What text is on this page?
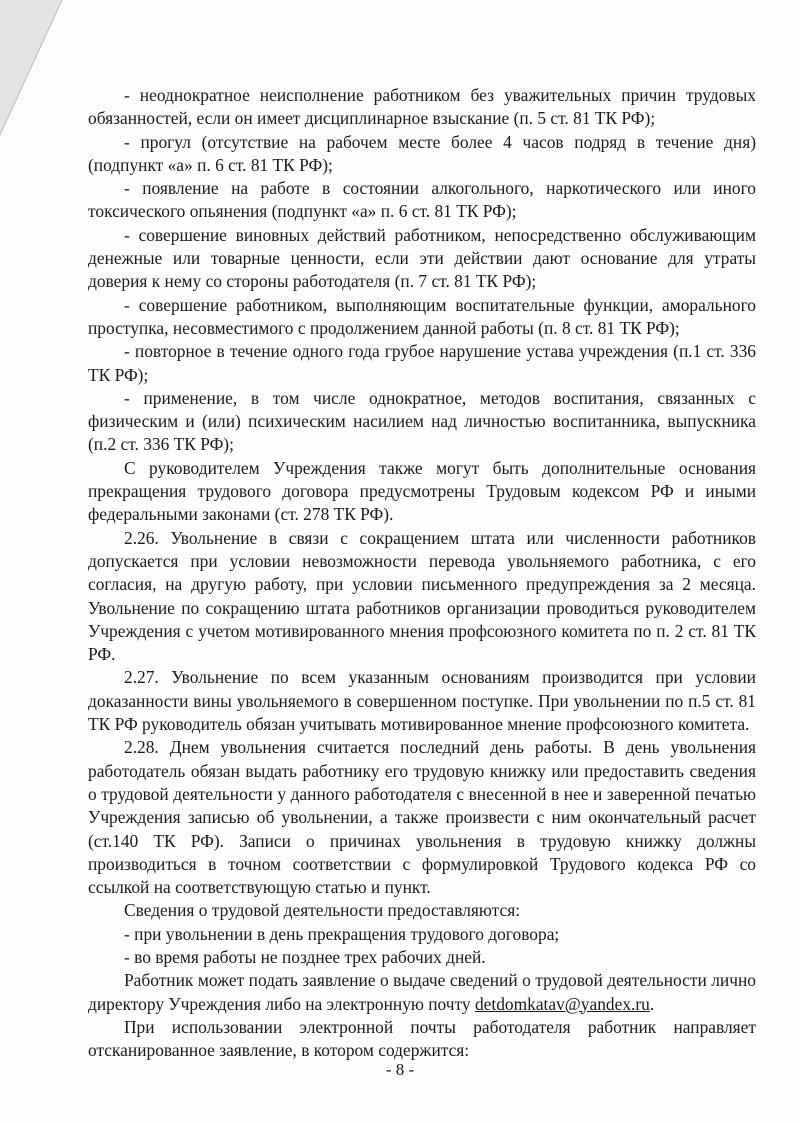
- неоднократное неисполнение работником без уважительных причин трудовых обязанностей, если он имеет дисциплинарное взыскание (п. 5 ст. 81 ТК РФ);

- прогул (отсутствие на рабочем месте более 4 часов подряд в течение дня) (подпункт «а» п. 6 ст. 81 ТК РФ);

- появление на работе в состоянии алкогольного, наркотического или иного токсического опьянения (подпункт «а» п. 6 ст. 81 ТК РФ);

- совершение виновных действий работником, непосредственно обслуживающим денежные или товарные ценности, если эти действии дают основание для утраты доверия к нему со стороны работодателя (п. 7 ст. 81 ТК РФ);

- совершение работником, выполняющим воспитательные функции, аморального проступка, несовместимого с продолжением данной работы (п. 8 ст. 81 ТК РФ);

- повторное в течение одного года грубое нарушение устава учреждения (п.1 ст. 336 ТК РФ);

- применение, в том числе однократное, методов воспитания, связанных с физическим и (или) психическим насилием над личностью воспитанника, выпускника (п.2 ст. 336 ТК РФ);

С руководителем Учреждения также могут быть дополнительные основания прекращения трудового договора предусмотрены Трудовым кодексом РФ и иными федеральными законами (ст. 278 ТК РФ).

2.26. Увольнение в связи с сокращением штата или численности работников допускается при условии невозможности перевода увольняемого работника, с его согласия, на другую работу, при условии письменного предупреждения за 2 месяца. Увольнение по сокращению штата работников организации проводиться руководителем Учреждения с учетом мотивированного мнения профсоюзного комитета по п. 2 ст. 81 ТК РФ.

2.27. Увольнение по всем указанным основаниям производится при условии доказанности вины увольняемого в совершенном поступке. При увольнении по п.5 ст. 81 ТК РФ руководитель обязан учитывать мотивированное мнение профсоюзного комитета.

2.28. Днем увольнения считается последний день работы. В день увольнения работодатель обязан выдать работнику его трудовую книжку или предоставить сведения о трудовой деятельности у данного работодателя с внесенной в нее и заверенной печатью Учреждения записью об увольнении, а также произвести с ним окончательный расчет (ст.140 ТК РФ). Записи о причинах увольнения в трудовую книжку должны производиться в точном соответствии с формулировкой Трудового кодекса РФ со ссылкой на соответствующую статью и пункт.

Сведения о трудовой деятельности предоставляются:

- при увольнении в день прекращения трудового договора;

- во время работы не позднее трех рабочих дней.

Работник может подать заявление о выдаче сведений о трудовой деятельности лично директору Учреждения либо на электронную почту detdomkatav@yandex.ru.

При использовании электронной почты работодателя работник направляет отсканированное заявление, в котором содержится:

- 8 -
